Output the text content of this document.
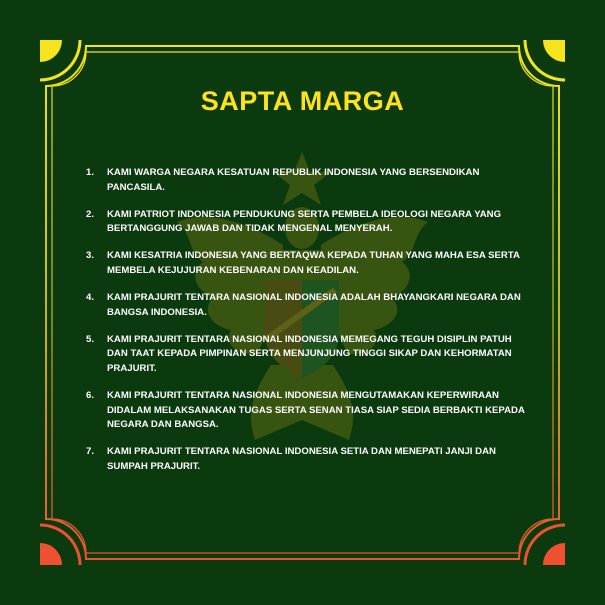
SAPTA MARGA
1.	KAMI WARGA NEGARA KESATUAN REPUBLIK INDONESIA YANG BERSENDIKAN PANCASILA.
2.	KAMI PATRIOT INDONESIA PENDUKUNG SERTA PEMBELA IDEOLOGI NEGARA YANG BERTANGGUNG JAWAB DAN TIDAK MENGENAL MENYERAH.
3.	KAMI KESATRIA INDONESIA YANG BERTAQWA KEPADA TUHAN YANG MAHA ESA SERTA MEMBELA KEJUJURAN KEBENARAN DAN KEADILAN.
4.	KAMI PRAJURIT TENTARA NASIONAL INDONESIA ADALAH BHAYANGKARI NEGARA DAN BANGSA INDONESIA.
5.	KAMI PRAJURIT TENTARA NASIONAL INDONESIA MEMEGANG TEGUH DISIPLIN PATUH DAN TAAT KEPADA PIMPINAN SERTA MENJUNJUNG TINGGI SIKAP DAN KEHORMATAN PRAJURIT.
6.	KAMI PRAJURIT TENTARA NASIONAL INDONESIA MENGUTAMAKAN KEPERWIRAAN DIDALAM MELAKSANAKAN TUGAS SERTA SENAN TIASA SIAP SEDIA BERBAKTI KEPADA NEGARA DAN BANGSA.
7.	KAMI PRAJURIT TENTARA NASIONAL INDONESIA SETIA DAN MENEPATI JANJI DAN SUMPAH PRAJURIT.
